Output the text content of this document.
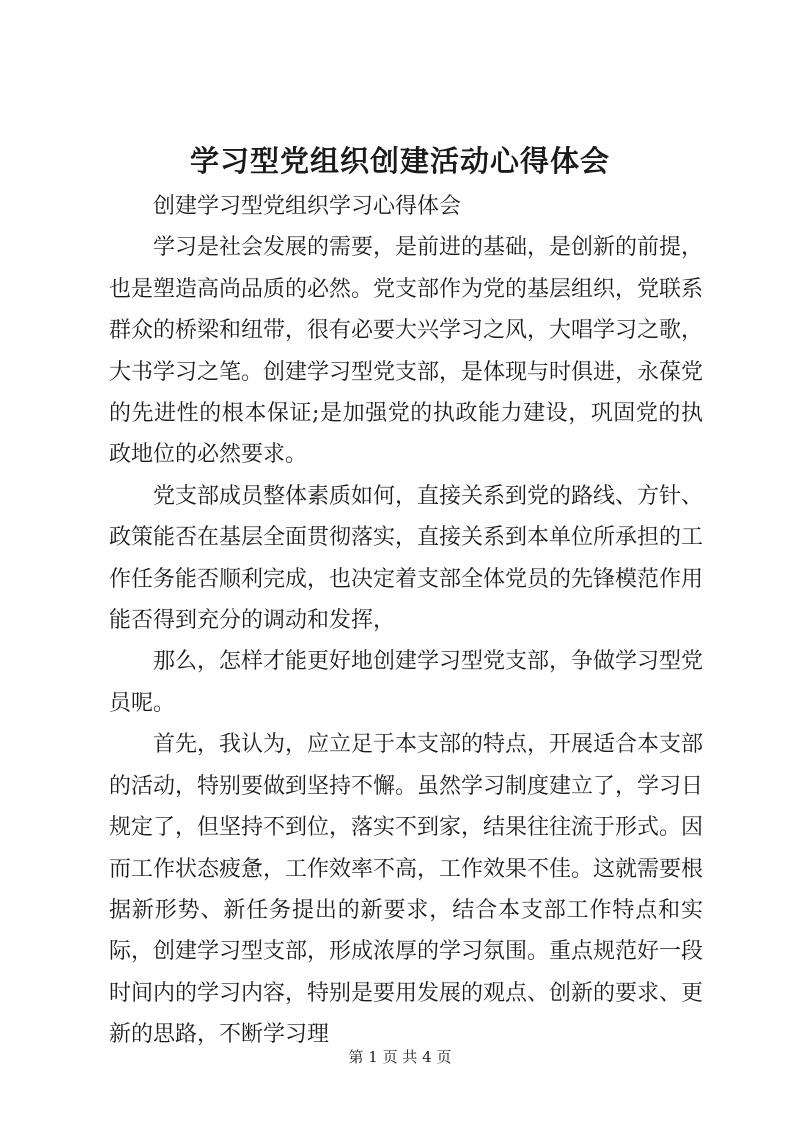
学习型党组织创建活动心得体会

创建学习型党组织学习心得体会

学习是社会发展的需要，是前进的基础，是创新的前提，也是塑造高尚品质的必然。党支部作为党的基层组织，党联系群众的桥梁和纽带，很有必要大兴学习之风，大唱学习之歌，大书学习之笔。创建学习型党支部，是体现与时俱进，永葆党的先进性的根本保证;是加强党的执政能力建设，巩固党的执政地位的必然要求。

党支部成员整体素质如何，直接关系到党的路线、方针、政策能否在基层全面贯彻落实，直接关系到本单位所承担的工作任务能否顺利完成，也决定着支部全体党员的先锋模范作用能否得到充分的调动和发挥，

那么，怎样才能更好地创建学习型党支部，争做学习型党员呢。

首先，我认为，应立足于本支部的特点，开展适合本支部的活动，特别要做到坚持不懈。虽然学习制度建立了，学习日规定了，但坚持不到位，落实不到家，结果往往流于形式。因而工作状态疲惫，工作效率不高，工作效果不佳。这就需要根据新形势、新任务提出的新要求，结合本支部工作特点和实际，创建学习型支部，形成浓厚的学习氛围。重点规范好一段时间内的学习内容，特别是要用发展的观点、创新的要求、更新的思路，不断学习理

第 1 页 共 4 页
